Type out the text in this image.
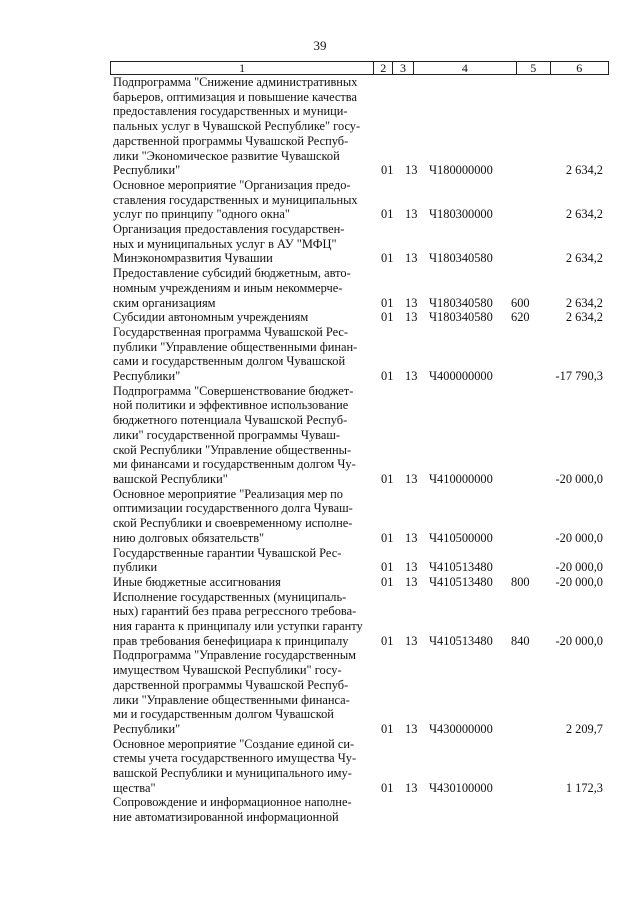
39
1	2	3	4	5	6
Подпрограмма "Снижение административных
барьеров, оптимизация и повышение качества
предоставления государственных и муници-
пальных услуг в Чувашской Республике" госу-
дарственной программы Чувашской Респуб-
лики "Экономическое развитие Чувашской
Республики"	01 13 Ч180000000	2 634,2
Основное мероприятие "Организация предо-
ставления государственных и муниципальных
услуг по принципу "одного окна"	01 13 Ч180300000	2 634,2
Организация предоставления государствен-
ных и муниципальных услуг в АУ "МФЦ"
Минэкономразвития Чувашии	01 13 Ч180340580	2 634,2
Предоставление субсидий бюджетным, авто-
номным учреждениям и иным некоммерче-
ским организациям	01 13 Ч180340580 600	2 634,2
Субсидии автономным учреждениям	01 13 Ч180340580 620	2 634,2
Государственная программа Чувашской Рес-
публики "Управление общественными финан-
сами и государственным долгом Чувашской
Республики"	01 13 Ч400000000	-17 790,3
Подпрограмма "Совершенствование бюджет-
ной политики и эффективное использование
бюджетного потенциала Чувашской Респуб-
лики" государственной программы Чуваш-
ской Республики "Управление общественны-
ми финансами и государственным долгом Чу-
вашской Республики"	01 13 Ч410000000	-20 000,0
Основное мероприятие "Реализация мер по
оптимизации государственного долга Чуваш-
ской Республики и своевременному исполне-
нию долговых обязательств"	01 13 Ч410500000	-20 000,0
Государственные гарантии Чувашской Рес-
публики	01 13 Ч410513480	-20 000,0
Иные бюджетные ассигнования	01 13 Ч410513480 800 -20 000,0
Исполнение государственных (муниципаль-
ных) гарантий без права регрессного требова-
ния гаранта к принципалу или уступки гаранту
прав требования бенефициара к принципалу	01 13 Ч410513480 840 -20 000,0
Подпрограмма "Управление государственным
имуществом Чувашской Республики" госу-
дарственной программы Чувашской Респуб-
лики "Управление общественными финанса-
ми и государственным долгом Чувашской
Республики"	01 13 Ч430000000	2 209,7
Основное мероприятие "Создание единой си-
стемы учета государственного имущества Чу-
вашской Республики и муниципального иму-
щества"	01 13 Ч430100000	1 172,3
Сопровождение и информационное наполне-
ние автоматизированной информационной
